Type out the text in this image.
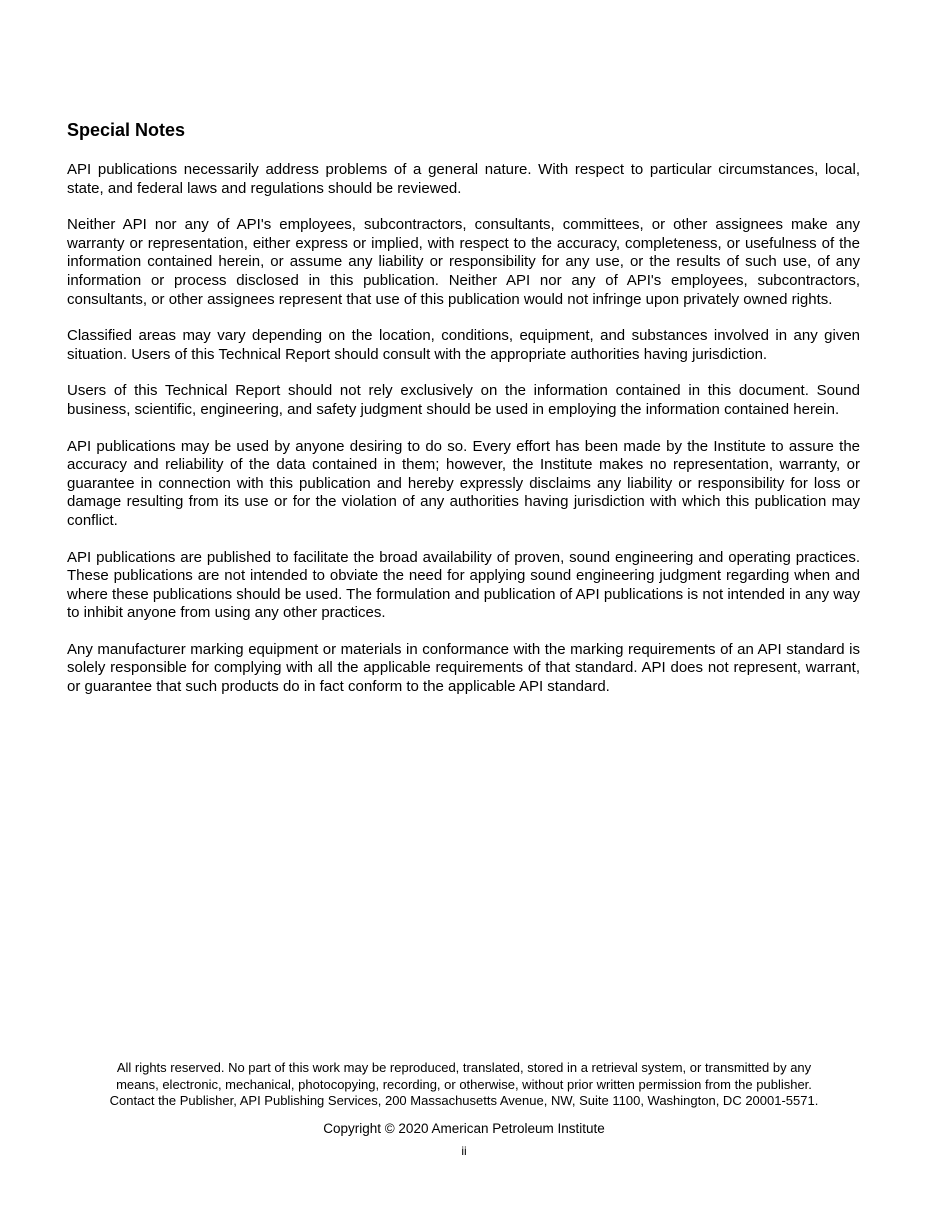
Special Notes

API publications necessarily address problems of a general nature. With respect to particular circumstances, local, state, and federal laws and regulations should be reviewed.

Neither API nor any of API's employees, subcontractors, consultants, committees, or other assignees make any warranty or representation, either express or implied, with respect to the accuracy, completeness, or usefulness of the information contained herein, or assume any liability or responsibility for any use, or the results of such use, of any information or process disclosed in this publication. Neither API nor any of API's employees, subcontractors, consultants, or other assignees represent that use of this publication would not infringe upon privately owned rights.

Classified areas may vary depending on the location, conditions, equipment, and substances involved in any given situation. Users of this Technical Report should consult with the appropriate authorities having jurisdiction.

Users of this Technical Report should not rely exclusively on the information contained in this document. Sound business, scientific, engineering, and safety judgment should be used in employing the information contained herein.

API publications may be used by anyone desiring to do so. Every effort has been made by the Institute to assure the accuracy and reliability of the data contained in them; however, the Institute makes no representation, warranty, or guarantee in connection with this publication and hereby expressly disclaims any liability or responsibility for loss or damage resulting from its use or for the violation of any authorities having jurisdiction with which this publication may conflict.

API publications are published to facilitate the broad availability of proven, sound engineering and operating practices. These publications are not intended to obviate the need for applying sound engineering judgment regarding when and where these publications should be used. The formulation and publication of API publications is not intended in any way to inhibit anyone from using any other practices.

Any manufacturer marking equipment or materials in conformance with the marking requirements of an API standard is solely responsible for complying with all the applicable requirements of that standard. API does not represent, warrant, or guarantee that such products do in fact conform to the applicable API standard.

All rights reserved. No part of this work may be reproduced, translated, stored in a retrieval system, or transmitted by any
means, electronic, mechanical, photocopying, recording, or otherwise, without prior written permission from the publisher.
Contact the Publisher, API Publishing Services, 200 Massachusetts Avenue, NW, Suite 1100, Washington, DC 20001-5571.

Copyright © 2020 American Petroleum Institute

ii
